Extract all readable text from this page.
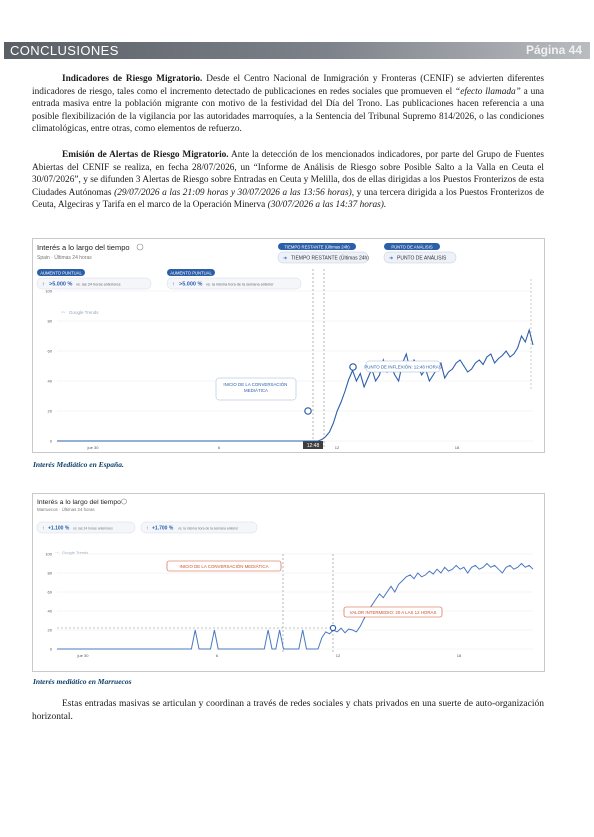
CONCLUSIONES	Página 44

Indicadores de Riesgo Migratorio. Desde el Centro Nacional de Inmigración y Fronteras (CENIF) se advierten diferentes indicadores de riesgo, tales como el incremento detectado de publicaciones en redes sociales que promueven el “efecto llamada” a una entrada masiva entre la población migrante con motivo de la festividad del Día del Trono. Las publicaciones hacen referencia a una posible flexibilización de la vigilancia por las autoridades marroquíes, a la Sentencia del Tribunal Supremo 814/2026, o las condiciones climatológicas, entre otras, como elementos de refuerzo.

Emisión de Alertas de Riesgo Migratorio. Ante la detección de los mencionados indicadores, por parte del Grupo de Fuentes Abiertas del CENIF se realiza, en fecha 28/07/2026, un “Informe de Análisis de Riesgo sobre Posible Salto a la Valla en Ceuta el 30/07/2026”, y se difunden 3 Alertas de Riesgo sobre Entradas en Ceuta y Melilla, dos de ellas dirigidas a los Puestos Fronterizos de esta Ciudades Autónomas (29/07/2026 a las 21:09 horas y 30/07/2026 a las 13:56 horas), y una tercera dirigida a los Puestos Fronterizos de Ceuta, Algeciras y Tarifa en el marco de la Operación Minerva (30/07/2026 a las 14:37 horas).

Interés a lo largo del tiempo
Spain · Últimas 24 horas
TIEMPO RESTANTE (Últimas 24h)
➜ TIEMPO RESTANTE (Últimas 24h)
PUNTO DE ANÁLISIS
➜ PUNTO DE ANÁLISIS
AUMENTO PUNTUAL
↑ >5.000 % vs. las 24 horas anteriores
AUMENTO PUNTUAL
↑ >5.000 % vs. la misma hora de la semana anterior
〰 Google Trends
0
20
40
60
80
100
jue 30	6	12	18
12:48
INICIO DE LA CONVERSACIÓN MEDIÁTICA
PUNTO DE INFLEXIÓN: 12:48 HORAS
Interés Mediático en España.
Interés a lo largo del tiempo
Marruecos · Últimas 24 horas
↑ +1.100 % vs. las 24 horas anteriores	↑ +1.700 % vs. la misma hora de la semana anterior
〰 Google Trends
0
20
40
60
80
100
jue 30	6	12	18
INICIO DE LA CONVERSACIÓN MEDIÁTICA
VALOR INTERMEDIO: 20 A LAS 12 HORAS
Interés mediático en Marruecos

Estas entradas masivas se articulan y coordinan a través de redes sociales y chats privados en una suerte de auto-organización horizontal.
